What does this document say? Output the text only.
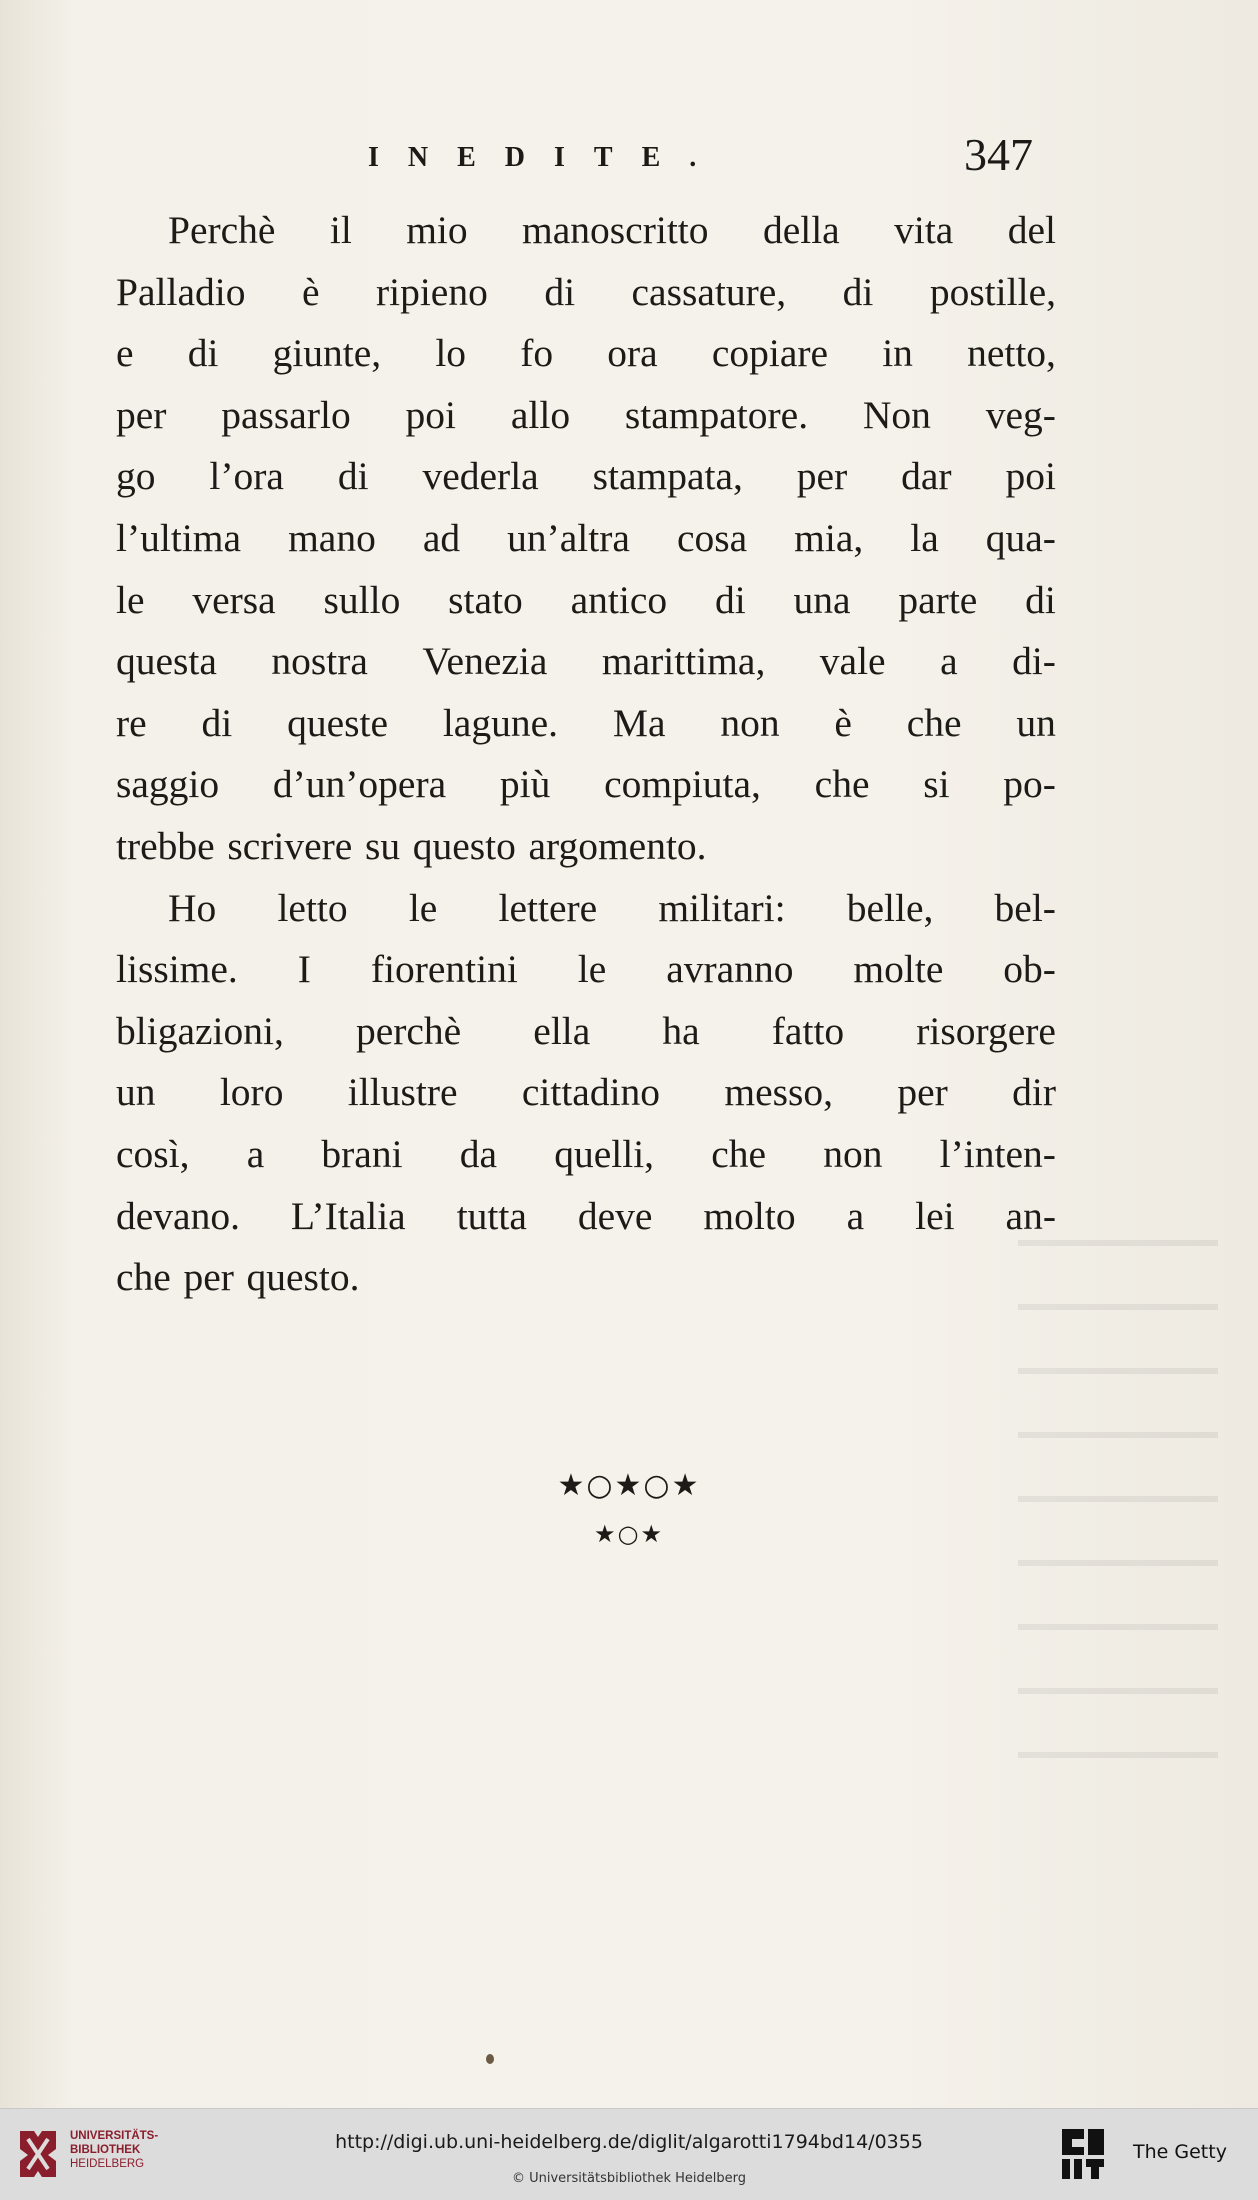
INEDITE.	347
Perchè il mio manoscritto della vita del
Palladio è ripieno di cassature, di postille,
e di giunte, lo fo ora copiare in netto,
per passarlo poi allo stampatore. Non veg-
go l’ora di vederla stampata, per dar poi
l’ultima mano ad un’altra cosa mia, la qua-
le versa sullo stato antico di una parte di
questa nostra Venezia marittima, vale a di-
re di queste lagune. Ma non è che un
saggio d’un’opera più compiuta, che si po-
trebbe scrivere su questo argomento.
Ho letto le lettere militari: belle, bel-
lissime. I fiorentini le avranno molte ob-
bligazioni, perchè ella ha fatto risorgere
un loro illustre cittadino messo, per dir
così, a brani da quelli, che non l’inten-
devano. L’Italia tutta deve molto a lei an-
che per questo.
★○★○★
★○★
UNIVERSITÄTS-
BIBLIOTHEK
HEIDELBERG
http://digi.ub.uni-heidelberg.de/diglit/algarotti1794bd14/0355
© Universitätsbibliothek Heidelberg
The Getty
